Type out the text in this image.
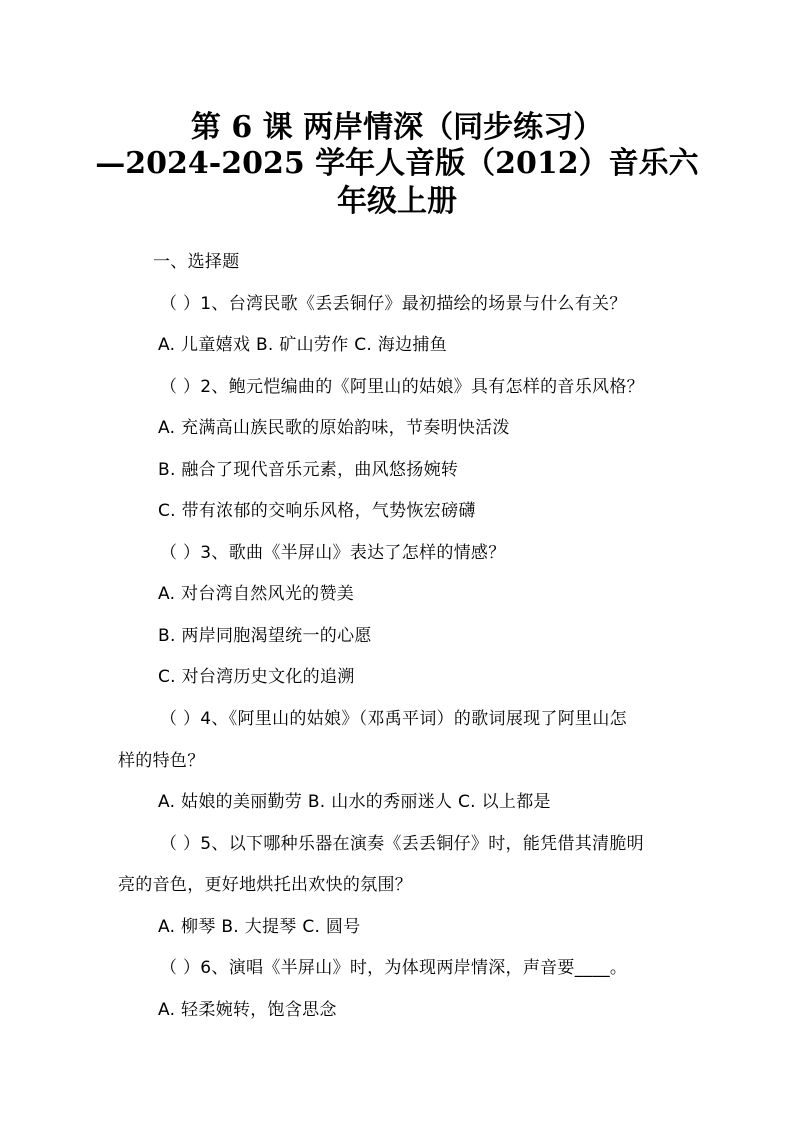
第 6 课 两岸情深（同步练习）
—2024-2025 学年人音版（2012）音乐六
年级上册
一、选择题
（ ）1、台湾民歌《丢丢铜仔》最初描绘的场景与什么有关？
A. 儿童嬉戏 B. 矿山劳作 C. 海边捕鱼
（ ）2、鲍元恺编曲的《阿里山的姑娘》具有怎样的音乐风格？
A. 充满高山族民歌的原始韵味，节奏明快活泼
B. 融合了现代音乐元素，曲风悠扬婉转
C. 带有浓郁的交响乐风格，气势恢宏磅礴
（ ）3、歌曲《半屏山》表达了怎样的情感？
A. 对台湾自然风光的赞美
B. 两岸同胞渴望统一的心愿
C. 对台湾历史文化的追溯
（ ）4、《阿里山的姑娘》（邓禹平词）的歌词展现了阿里山怎
样的特色？
A. 姑娘的美丽勤劳 B. 山水的秀丽迷人 C. 以上都是
（ ）5、以下哪种乐器在演奏《丢丢铜仔》时，能凭借其清脆明
亮的音色，更好地烘托出欢快的氛围？
A. 柳琴 B. 大提琴 C. 圆号
（ ）6、演唱《半屏山》时，为体现两岸情深，声音要____。
A. 轻柔婉转，饱含思念
